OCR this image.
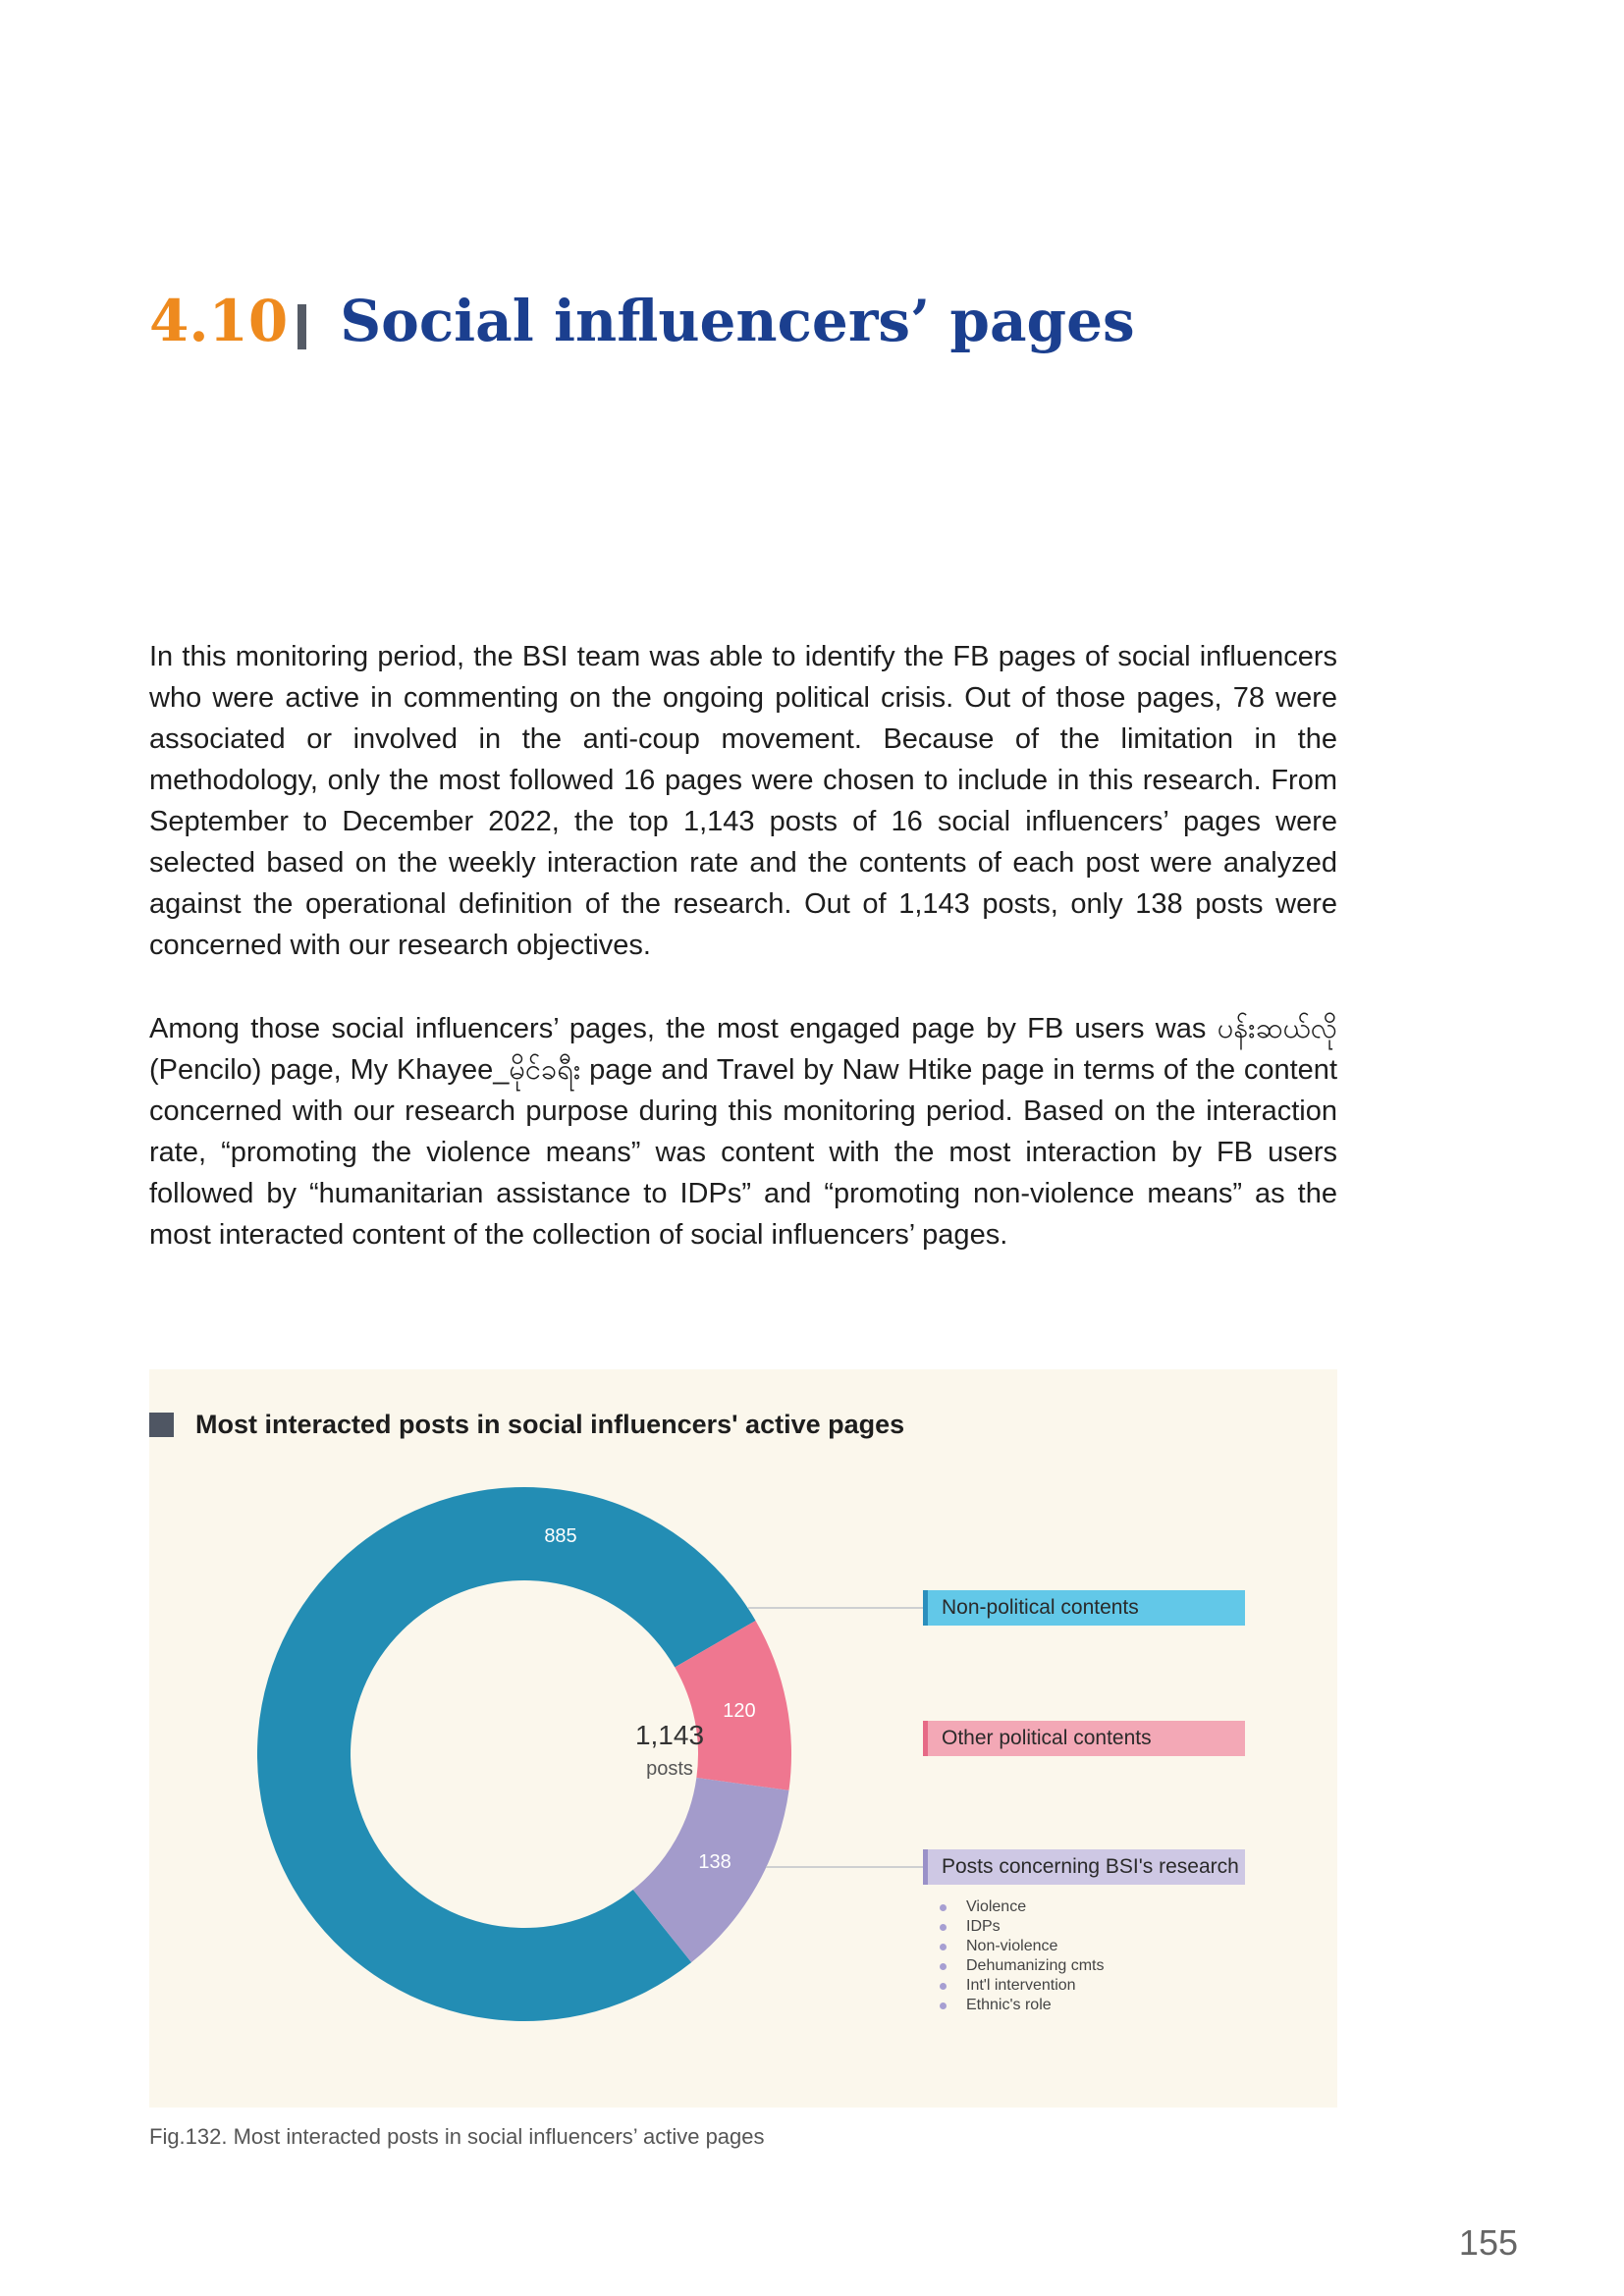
4.10 Social influencers’ pages

In this monitoring period, the BSI team was able to identify the FB pages of social influencers who were active in commenting on the ongoing political crisis. Out of those pages, 78 were associated or involved in the anti-coup movement. Because of the limitation in the methodology, only the most followed 16 pages were chosen to include in this research. From September to December 2022, the top 1,143 posts of 16 social influencers’ pages were selected based on the weekly interaction rate and the contents of each post were analyzed against the operational definition of the research. Out of 1,143 posts, only 138 posts were concerned with our research objectives.

Among those social influencers’ pages, the most engaged page by FB users was ပန်းဆယ်လို (Pencilo) page, My Khayee_မိုင်ခရီး page and Travel by Naw Htike page in terms of the content concerned with our research purpose during this monitoring period. Based on the interaction rate, “promoting the violence means” was content with the most interaction by FB users followed by “humanitarian assistance to IDPs” and “promoting non-violence means” as the most interacted content of the collection of social influencers’ pages.

Most interacted posts in social influencers' active pages
885
120
138
1,143
posts
Non-political contents
Other political contents
Posts concerning BSI's research
Violence
IDPs
Non-violence
Dehumanizing cmts
Int'l intervention
Ethnic's role
Fig.132. Most interacted posts in social influencers’ active pages
155
